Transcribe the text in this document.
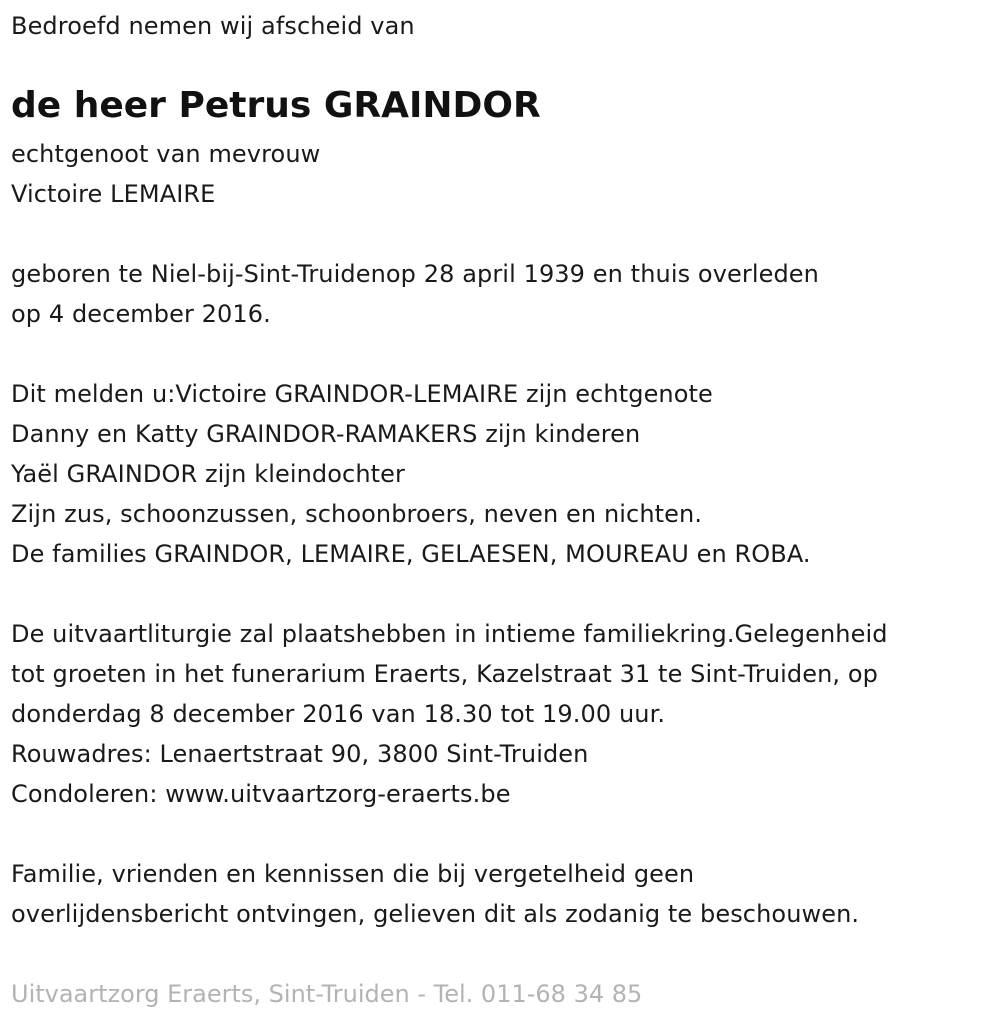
Bedroefd nemen wij afscheid van
de heer Petrus GRAINDOR
echtgenoot van mevrouw
Victoire LEMAIRE
geboren te Niel-bij-Sint-Truidenop 28 april 1939 en thuis overleden
op 4 december 2016.
Dit melden u:Victoire GRAINDOR-LEMAIRE zijn echtgenote
Danny en Katty GRAINDOR-RAMAKERS zijn kinderen
Yaël GRAINDOR zijn kleindochter
Zijn zus, schoonzussen, schoonbroers, neven en nichten.
De families GRAINDOR, LEMAIRE, GELAESEN, MOUREAU en ROBA.
De uitvaartliturgie zal plaatshebben in intieme familiekring.Gelegenheid
tot groeten in het funerarium Eraerts, Kazelstraat 31 te Sint-Truiden, op
donderdag 8 december 2016 van 18.30 tot 19.00 uur.
Rouwadres: Lenaertstraat 90, 3800 Sint-Truiden
Condoleren: www.uitvaartzorg-eraerts.be
Familie, vrienden en kennissen die bij vergetelheid geen
overlijdensbericht ontvingen, gelieven dit als zodanig te beschouwen.
Uitvaartzorg Eraerts, Sint-Truiden - Tel. 011-68 34 85
